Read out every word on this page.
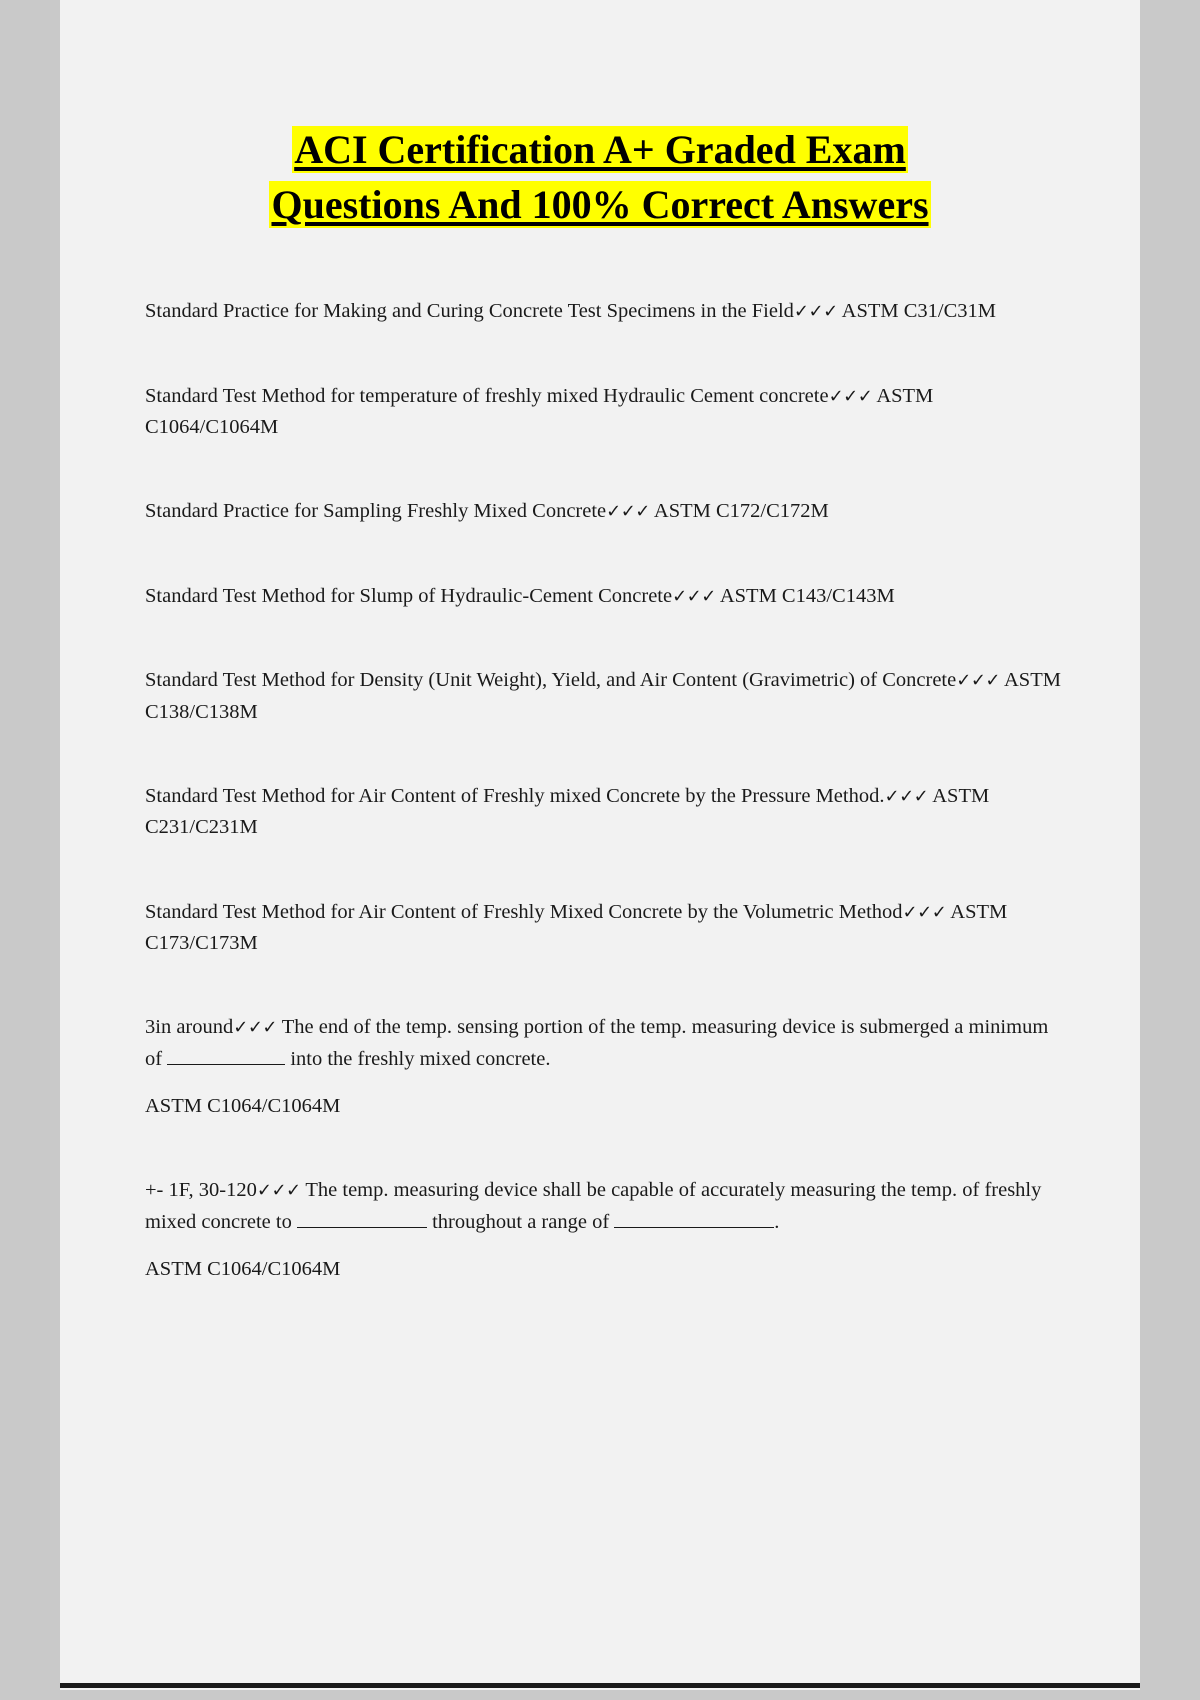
ACI Certification A+ Graded Exam
Questions And 100% Correct Answers

Standard Practice for Making and Curing Concrete Test Specimens in the Field✓✓✓ ASTM C31/C31M

Standard Test Method for temperature of freshly mixed Hydraulic Cement concrete✓✓✓ ASTM C1064/C1064M

Standard Practice for Sampling Freshly Mixed Concrete✓✓✓ ASTM C172/C172M

Standard Test Method for Slump of Hydraulic-Cement Concrete✓✓✓ ASTM C143/C143M

Standard Test Method for Density (Unit Weight), Yield, and Air Content (Gravimetric) of Concrete✓✓✓ ASTM C138/C138M

Standard Test Method for Air Content of Freshly mixed Concrete by the Pressure Method.✓✓✓ ASTM C231/C231M

Standard Test Method for Air Content of Freshly Mixed Concrete by the Volumetric Method✓✓✓ ASTM C173/C173M

3in around✓✓✓ The end of the temp. sensing portion of the temp. measuring device is submerged a minimum of	into the freshly mixed concrete.

ASTM C1064/C1064M

+- 1F, 30-120✓✓✓ The temp. measuring device shall be capable of accurately measuring the temp. of freshly mixed concrete to	throughout a range of	.

ASTM C1064/C1064M
